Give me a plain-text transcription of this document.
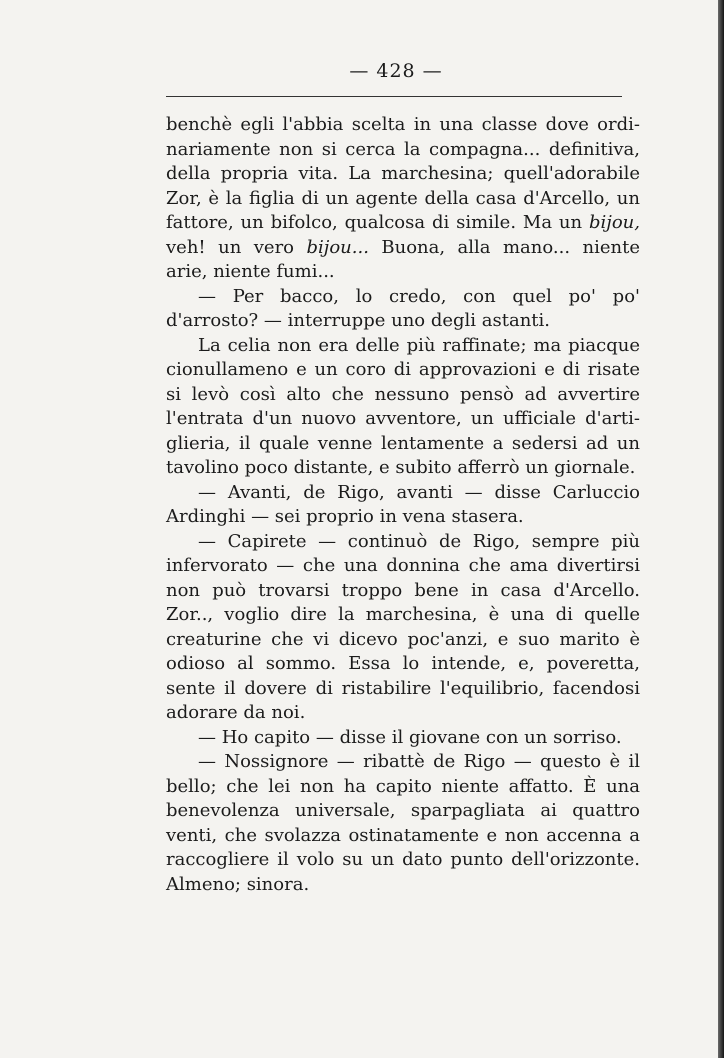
— 428 —

benchè egli l'abbia scelta in una classe dove ordinariamente non si cerca la compagna... definitiva, della propria vita. La marchesina; quell'adorabile Zor, è la figlia di un agente della casa d'Arcello, un fattore, un bifolco, qualcosa di simile. Ma un bijou, veh! un vero bijou... Buona, alla mano... niente arie, niente fumi...

— Per bacco, lo credo, con quel po' po' d'arrosto? — interruppe uno degli astanti.

La celia non era delle più raffinate; ma piacque cionullameno e un coro di approvazioni e di risate si levò così alto che nessuno pensò ad avvertire l'entrata d'un nuovo avventore, un ufficiale d'artiglieria, il quale venne lentamente a sedersi ad un tavolino poco distante, e subito afferrò un giornale.

— Avanti, de Rigo, avanti — disse Carluccio Ardinghi — sei proprio in vena stasera.

— Capirete — continuò de Rigo, sempre più infervorato — che una donnina che ama divertirsi non può trovarsi troppo bene in casa d'Arcello. Zor.., voglio dire la marchesina, è una di quelle creaturine che vi dicevo poc'anzi, e suo marito è odioso al sommo. Essa lo intende, e, poveretta, sente il dovere di ristabilire l'equilibrio, facendosi adorare da noi.

— Ho capito — disse il giovane con un sorriso.

— Nossignore — ribattè de Rigo — questo è il bello; che lei non ha capito niente affatto. È una benevolenza universale, sparpagliata ai quattro venti, che svolazza ostinatamente e non accenna a raccogliere il volo su un dato punto dell'orizzonte. Almeno; sinora.
